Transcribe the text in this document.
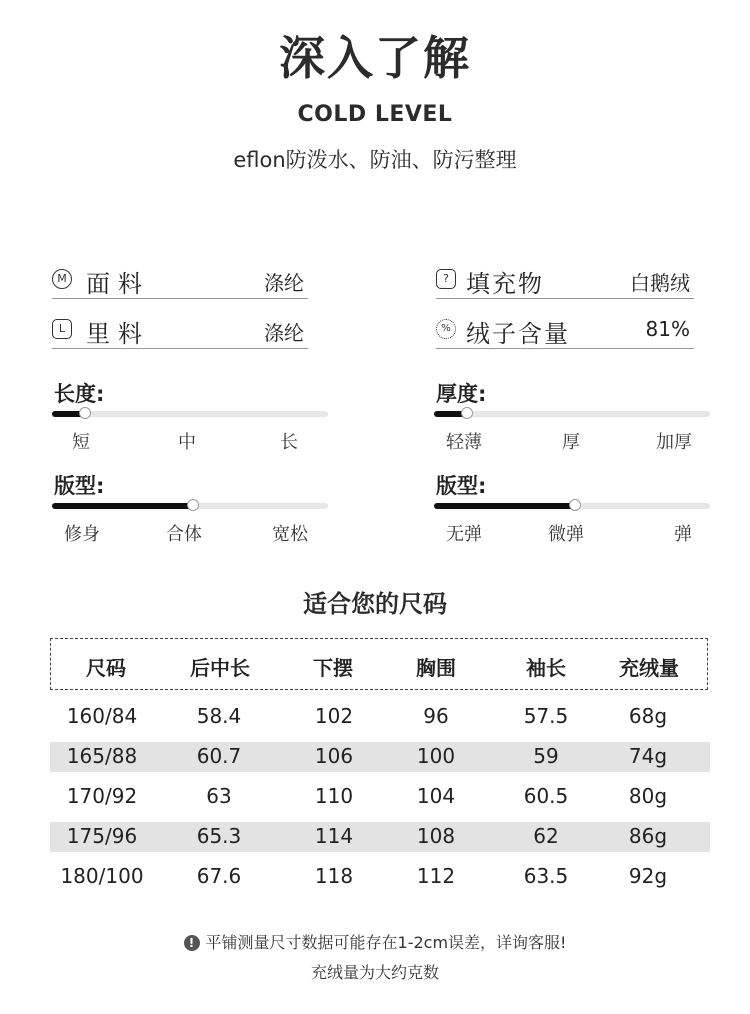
深入了解
COLD LEVEL
eflon防泼水、防油、防污整理
M 面料	涤纶
L 里料	涤纶
? 填充物	白鹅绒
% 绒子含量	81%
长度:
短	中	长
厚度:
轻薄	厚	加厚
版型:
修身	合体	宽松
版型:
无弹	微弹	弹
适合您的尺码
尺码	后中长	下摆	胸围	袖长	充绒量
160/84	58.4	102	96	57.5	68g
165/88	60.7	106	100	59	74g
170/92	63	110	104	60.5	80g
175/96	65.3	114	108	62	86g
180/100	67.6	118	112	63.5	92g
! 平铺测量尺寸数据可能存在1-2cm误差，详询客服!
充绒量为大约克数
